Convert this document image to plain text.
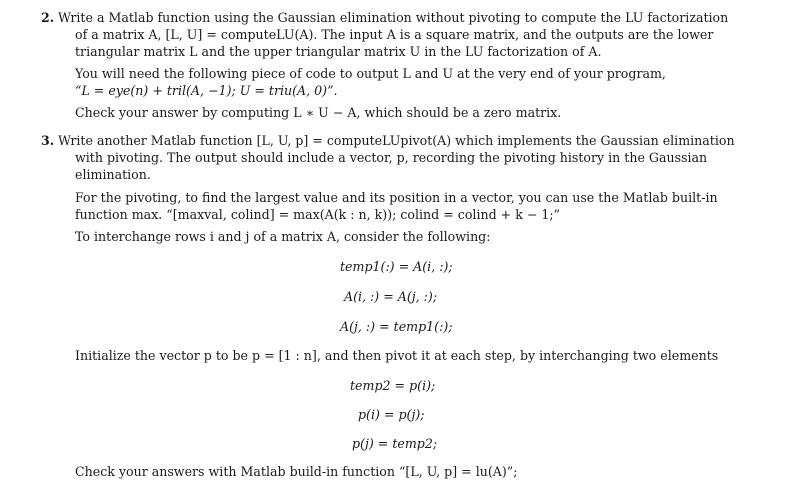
2. Write a Matlab function using the Gaussian elimination without pivoting to compute the LU factorization
of a matrix A, [L, U] = computeLU(A). The input A is a square matrix, and the outputs are the lower
triangular matrix L and the upper triangular matrix U in the LU factorization of A.
You will need the following piece of code to output L and U at the very end of your program,
“L = eye(n) + tril(A, −1); U = triu(A, 0)”.
Check your answer by computing L ∗ U − A, which should be a zero matrix.
3. Write another Matlab function [L, U, p] = computeLUpivot(A) which implements the Gaussian elimination
with pivoting. The output should include a vector, p, recording the pivoting history in the Gaussian
elimination.
For the pivoting, to find the largest value and its position in a vector, you can use the Matlab built-in
function max. “[maxval, colind] = max(A(k : n, k)); colind = colind + k − 1;”
To interchange rows i and j of a matrix A, consider the following:
temp1(:) = A(i, :);
A(i, :) = A(j, :);
A(j, :) = temp1(:);
Initialize the vector p to be p = [1 : n], and then pivot it at each step, by interchanging two elements
temp2 = p(i);
p(i) = p(j);
p(j) = temp2;
Check your answers with Matlab build-in function “[L, U, p] = lu(A)”;
